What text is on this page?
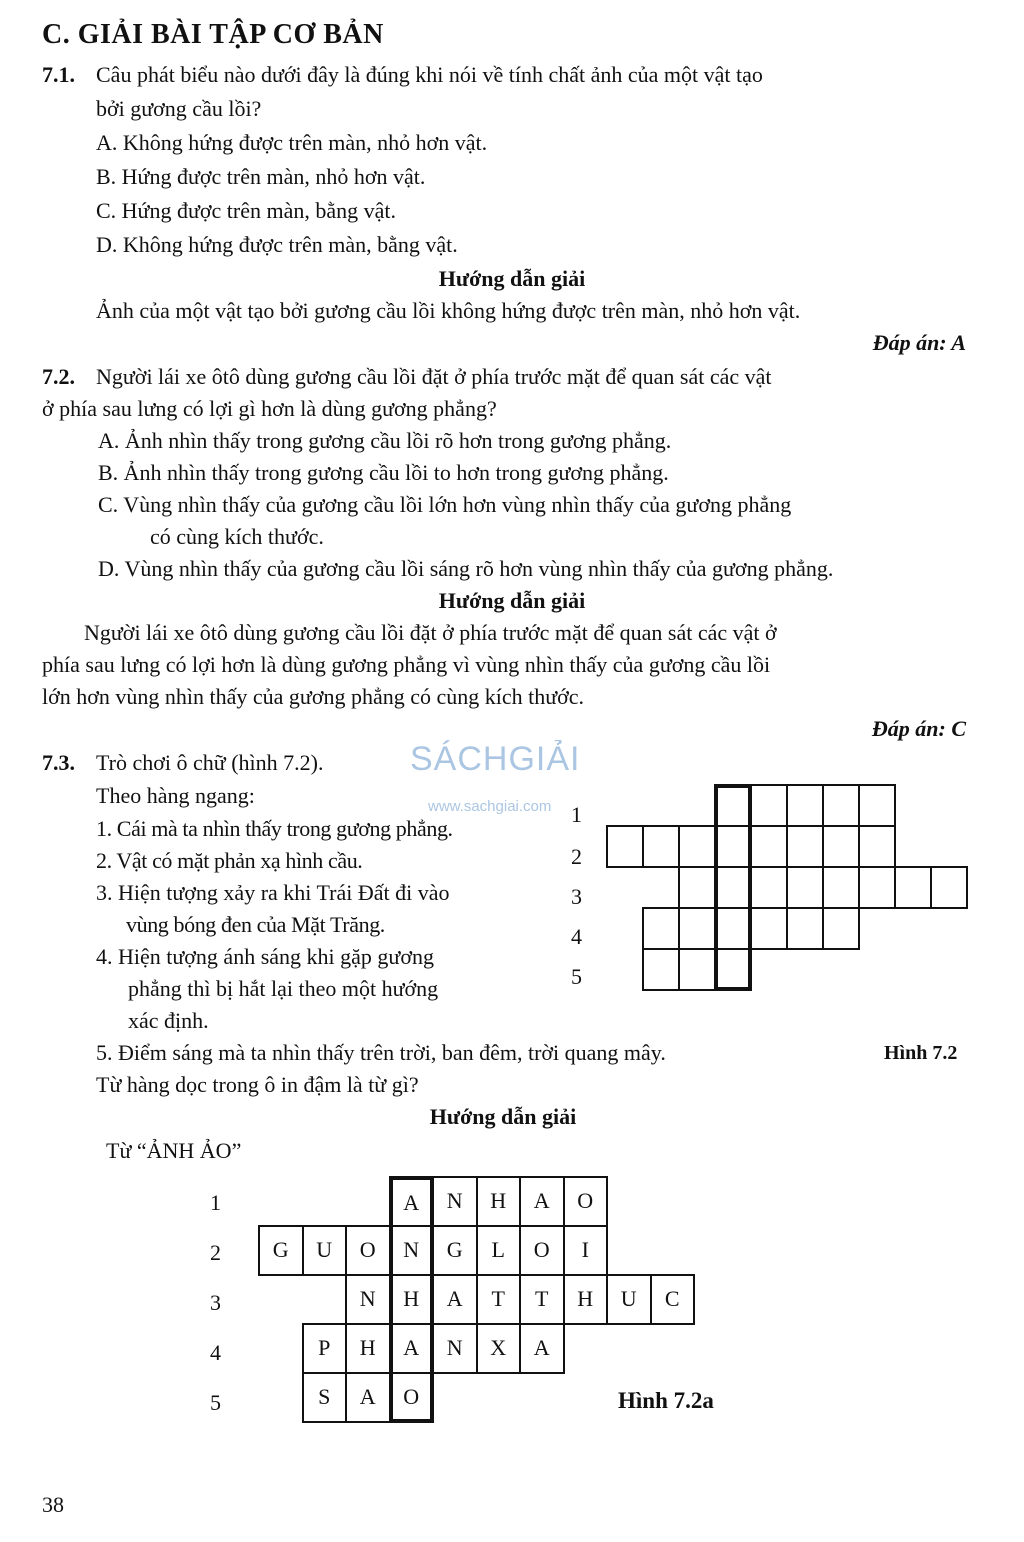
C. GIẢI BÀI TẬP CƠ BẢN
7.1. Câu phát biểu nào dưới đây là đúng khi nói về tính chất ảnh của một vật tạo
bởi gương cầu lồi?
A. Không hứng được trên màn, nhỏ hơn vật.
B. Hứng được trên màn, nhỏ hơn vật.
C. Hứng được trên màn, bằng vật.
D. Không hứng được trên màn, bằng vật.
Hướng dẫn giải
Ảnh của một vật tạo bởi gương cầu lồi không hứng được trên màn, nhỏ hơn vật.
Đáp án: A
7.2. Người lái xe ôtô dùng gương cầu lồi đặt ở phía trước mặt để quan sát các vật
ở phía sau lưng có lợi gì hơn là dùng gương phẳng?
A. Ảnh nhìn thấy trong gương cầu lồi rõ hơn trong gương phẳng.
B. Ảnh nhìn thấy trong gương cầu lồi to hơn trong gương phẳng.
C. Vùng nhìn thấy của gương cầu lồi lớn hơn vùng nhìn thấy của gương phẳng
có cùng kích thước.
D. Vùng nhìn thấy của gương cầu lồi sáng rõ hơn vùng nhìn thấy của gương phẳng.
Hướng dẫn giải
Người lái xe ôtô dùng gương cầu lồi đặt ở phía trước mặt để quan sát các vật ở
phía sau lưng có lợi hơn là dùng gương phẳng vì vùng nhìn thấy của gương cầu lồi
lớn hơn vùng nhìn thấy của gương phẳng có cùng kích thước.
Đáp án: C
SÁCHGIẢI
www.sachgiai.com
7.3. Trò chơi ô chữ (hình 7.2).
Theo hàng ngang:
1. Cái mà ta nhìn thấy trong gương phẳng.
2. Vật có mặt phản xạ hình cầu.
3. Hiện tượng xảy ra khi Trái Đất đi vào
vùng bóng đen của Mặt Trăng.
4. Hiện tượng ánh sáng khi gặp gương
phẳng thì bị hắt lại theo một hướng
xác định.
5. Điểm sáng mà ta nhìn thấy trên trời, ban đêm, trời quang mây.	Hình 7.2
Từ hàng dọc trong ô in đậm là từ gì?
1
2
3
4
5
Hướng dẫn giải
Từ “ẢNH ẢO”
1
2
3
4
5
A	N	H	A	O
G	U	O	N	G	L	O	I
N	H	A	T	T	H	U	C
P	H	A	N	X	A
S	A	O	Hình 7.2a
38
